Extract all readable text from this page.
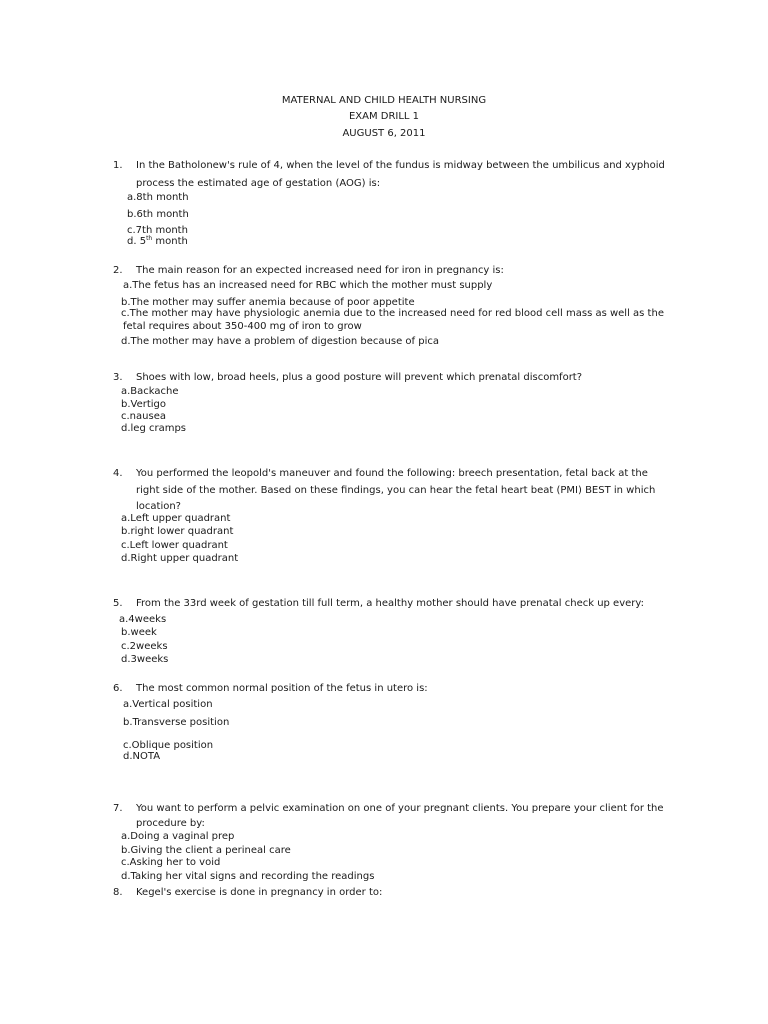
MATERNAL AND CHILD HEALTH NURSING
EXAM DRILL 1
AUGUST 6, 2011
1. In the Batholonew's rule of 4, when the level of the fundus is midway between the umbilicus and xyphoid
process the estimated age of gestation (AOG) is:
a.8th month
b.6th month
c.7th month
d. 5th month
2. The main reason for an expected increased need for iron in pregnancy is:
a.The fetus has an increased need for RBC which the mother must supply
b.The mother may suffer anemia because of poor appetite
c.The mother may have physiologic anemia due to the increased need for red blood cell mass as well as the
fetal requires about 350-400 mg of iron to grow
d.The mother may have a problem of digestion because of pica
3. Shoes with low, broad heels, plus a good posture will prevent which prenatal discomfort?
a.Backache
b.Vertigo
c.nausea
d.leg cramps
4. You performed the leopold's maneuver and found the following: breech presentation, fetal back at the
right side of the mother. Based on these findings, you can hear the fetal heart beat (PMI) BEST in which
location?
a.Left upper quadrant
b.right lower quadrant
c.Left lower quadrant
d.Right upper quadrant
5. From the 33rd week of gestation till full term, a healthy mother should have prenatal check up every:
a.4weeks
b.week
c.2weeks
d.3weeks
6. The most common normal position of the fetus in utero is:
a.Vertical position
b.Transverse position
c.Oblique position
d.NOTA
7. You want to perform a pelvic examination on one of your pregnant clients. You prepare your client for the
procedure by:
a.Doing a vaginal prep
b.Giving the client a perineal care
c.Asking her to void
d.Taking her vital signs and recording the readings
8. Kegel's exercise is done in pregnancy in order to:
